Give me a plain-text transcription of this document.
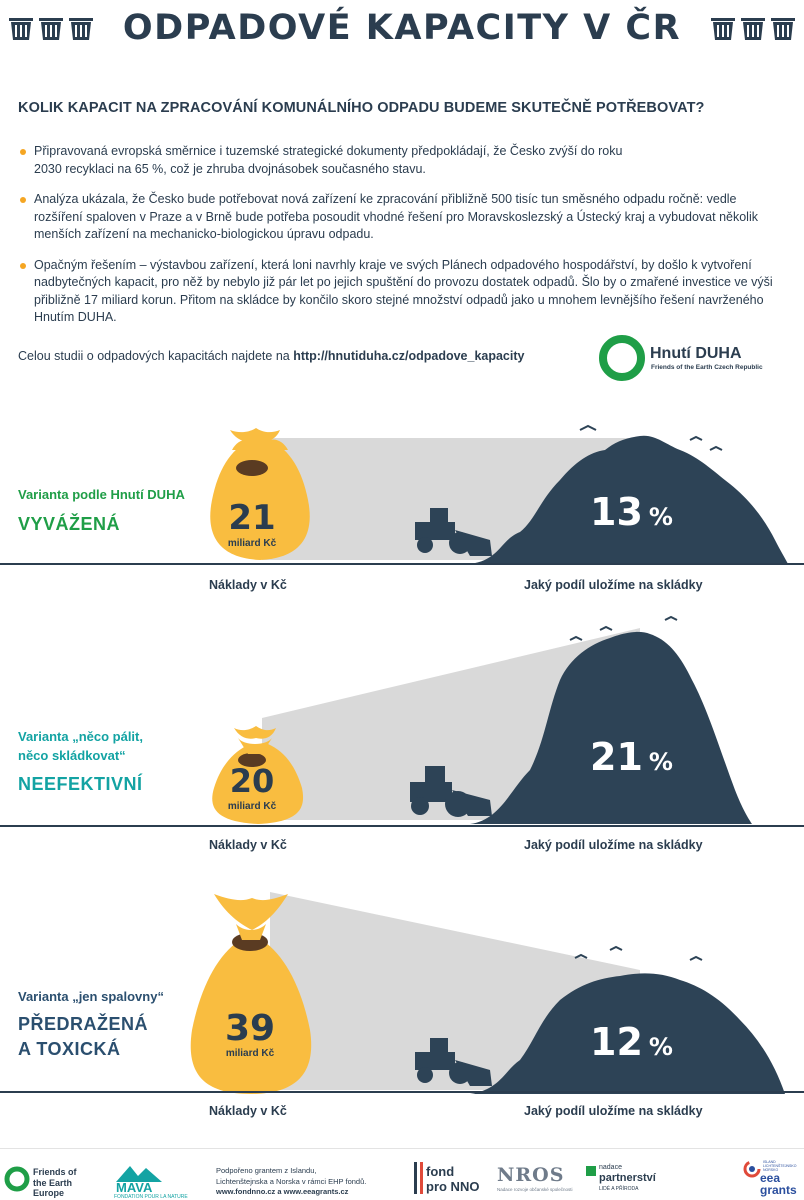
ODPADOVÉ KAPACITY V ČR
KOLIK KAPACIT NA ZPRACOVÁNÍ KOMUNÁLNÍHO ODPADU BUDEME SKUTEČNĚ POTŘEBOVAT?
Připravovaná evropská směrnice i tuzemské strategické dokumenty předpokládají, že Česko zvýší do roku 2030 recyklaci na 65 %, což je zhruba dvojnásobek současného stavu.
Analýza ukázala, že Česko bude potřebovat nová zařízení ke zpracování přibližně 500 tisíc tun směsného odpadu ročně: vedle rozšíření spaloven v Praze a v Brně bude potřeba posoudit vhodné řešení pro Moravskoslezský a Ústecký kraj a vybudovat několik menších zařízení na mechanicko-biologickou úpravu odpadu.
Opačným řešením – výstavbou zařízení, která loni navrhly kraje ve svých Plánech odpadového hospodářství, by došlo k vytvoření nadbytečných kapacit, pro něž by nebylo již pár let po jejich spuštění do provozu dostatek odpadů. Šlo by o zmařené investice ve výši přibližně 17 miliard korun. Přitom na skládce by končilo skoro stejné množství odpadů jako u mnohem levnějšího řešení navrženého Hnutím DUHA.
Celou studii o odpadových kapacitách najdete na http://hnutiduha.cz/odpadove_kapacity	Hnutí DUHA
Friends of the Earth Czech Republic
21
miliard Kč
13 %
Varianta podle Hnutí DUHA
VYVÁŽENÁ
Náklady v Kč	Jaký podíl uložíme na skládky
20
miliard Kč
21 %
Varianta „něco pálit,
něco skládkovat“
NEEFEKTIVNÍ
Náklady v Kč	Jaký podíl uložíme na skládky
39
miliard Kč	12 %
Varianta „jen spalovny“
PŘEDRAŽENÁ
A TOXICKÁ
Náklady v Kč	Jaký podíl uložíme na skládky
Friends of
the Earth
Europe	MAVA
FONDATION POUR LA NATURE
Podpořeno grantem z Islandu,
Lichtenštejnska a Norska v rámci EHP fondů.
www.fondnno.cz a www.eeagrants.cz
fond
pro NNO
NROS
Nadace rozvoje občanské společnosti
nadace
partnerství
LIDÉ A PŘÍRODA
ISLAND LICHTENŠTEJNSKO NORSKO
eea
grants
